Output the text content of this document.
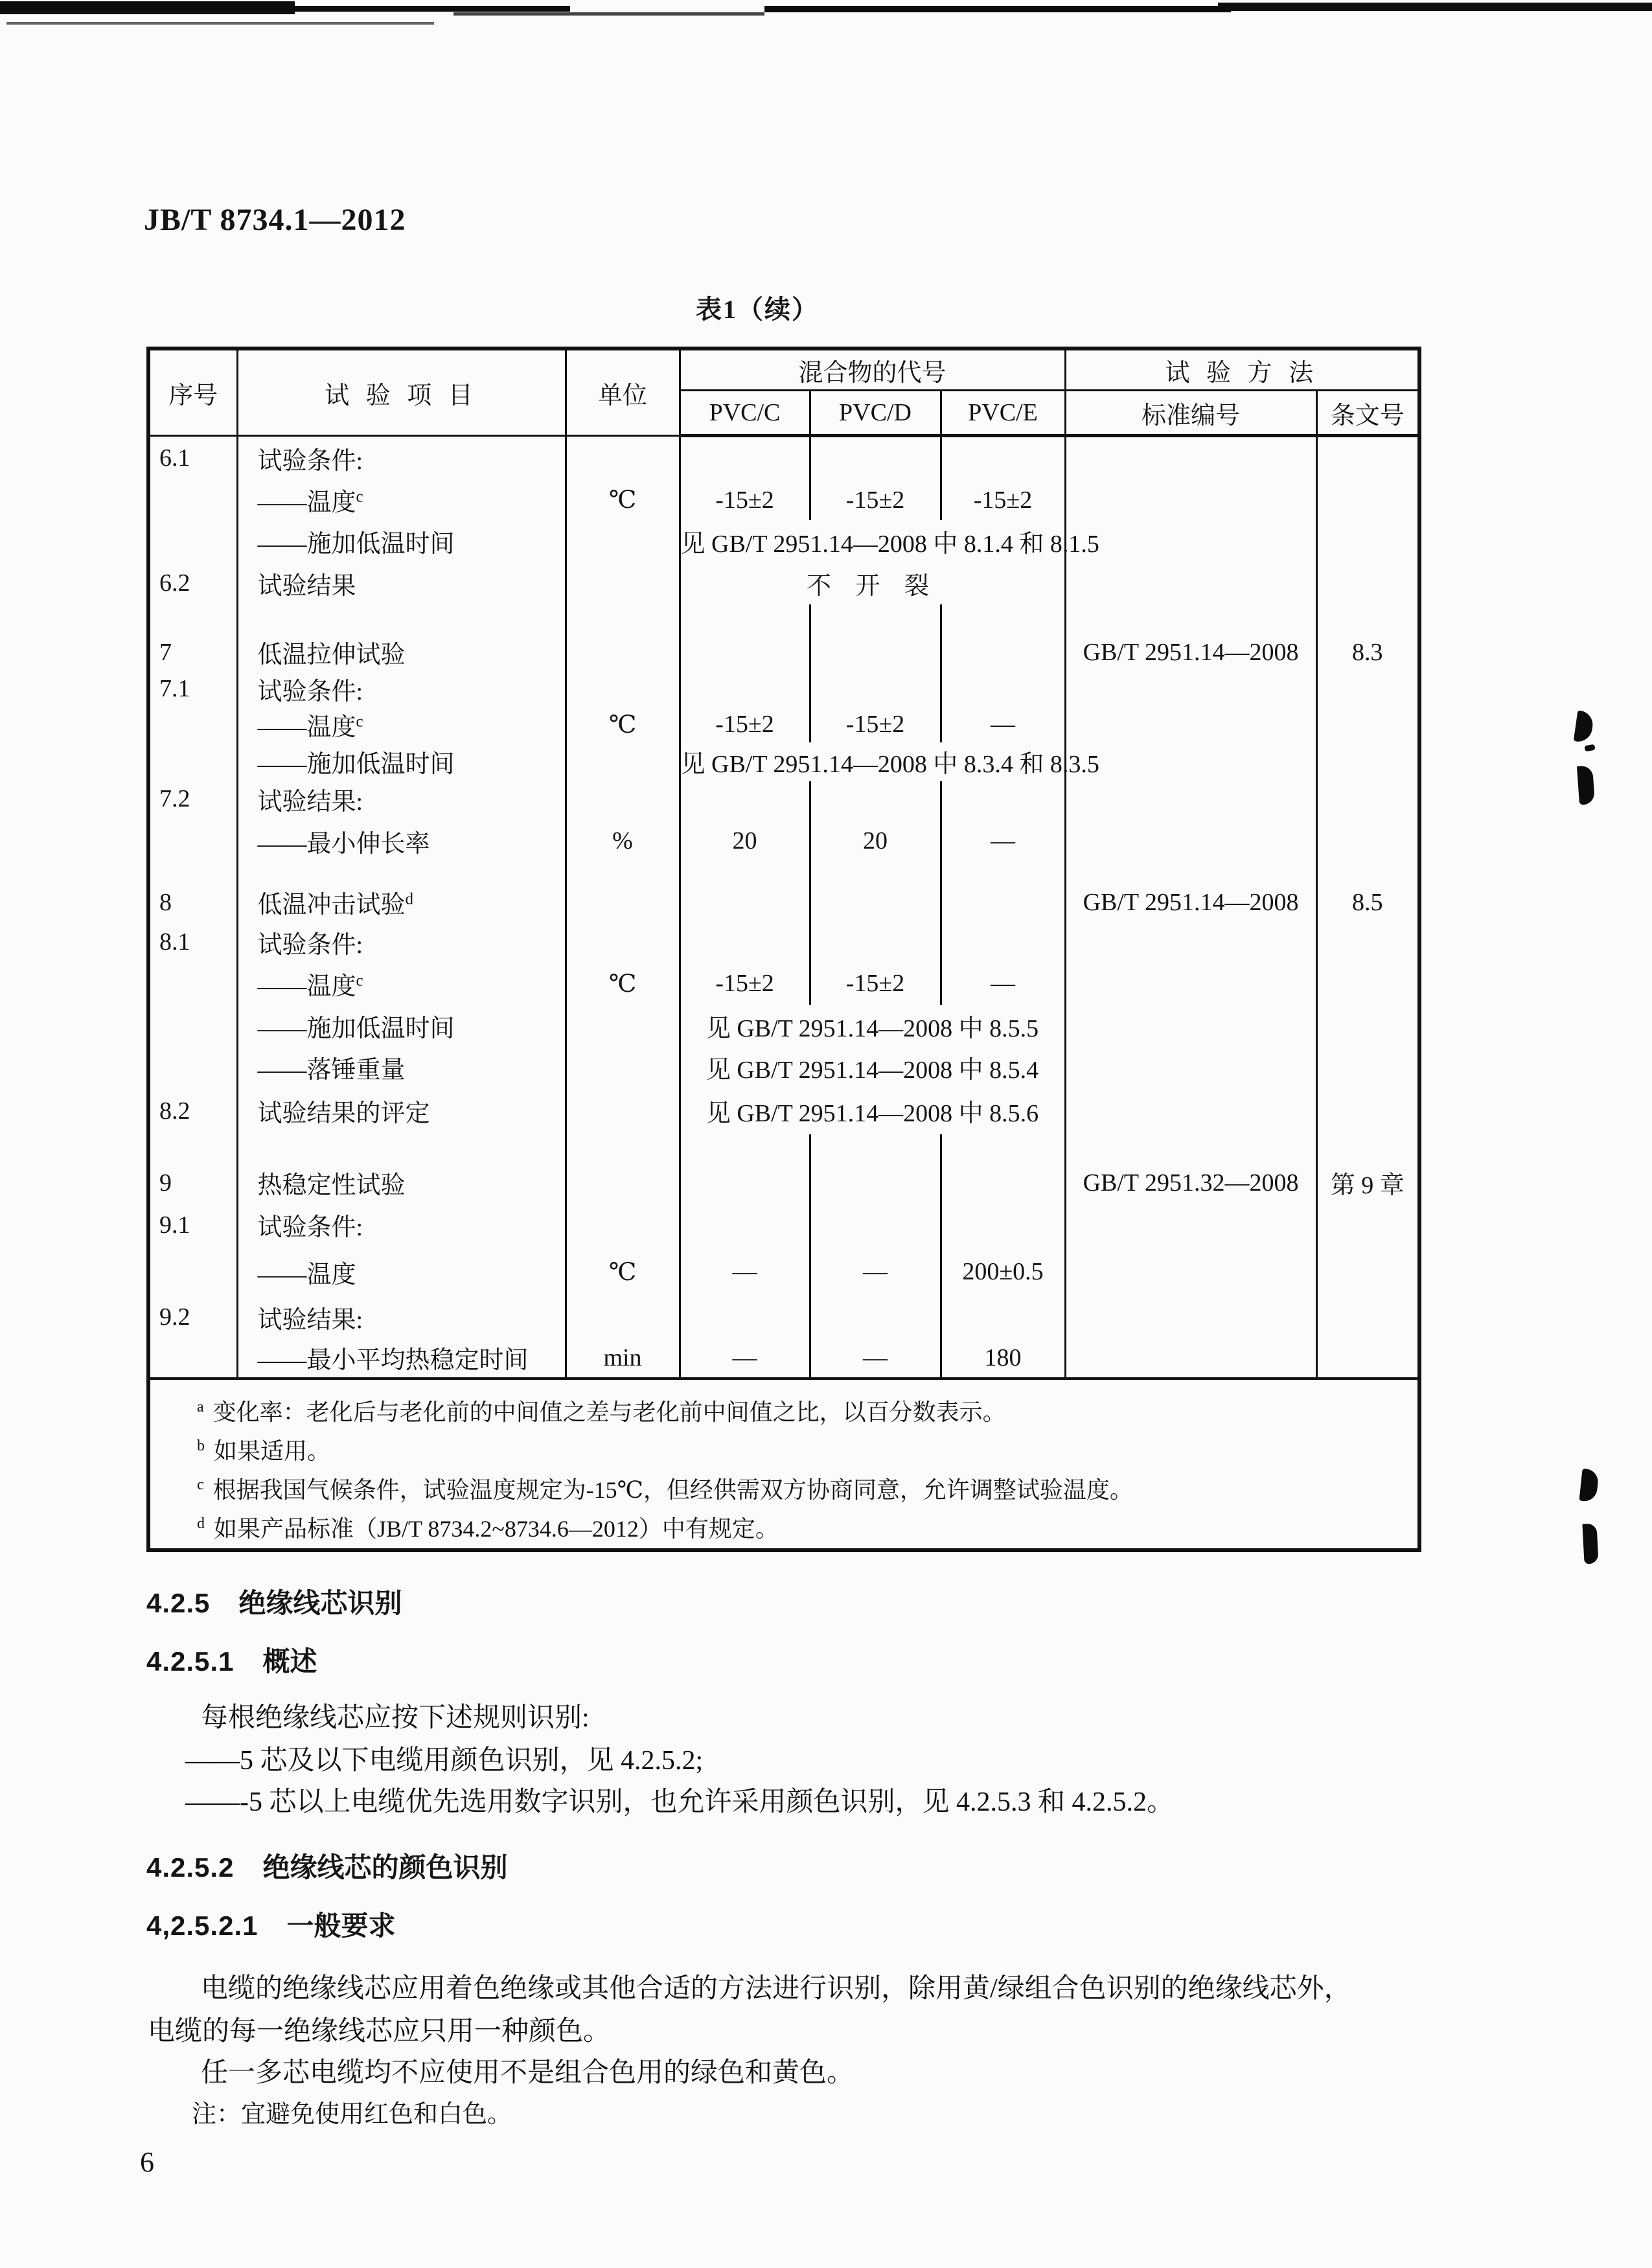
JB/T 8734.1—2012
表1（续）
序号	试 验 项 目	单位	混合物的代号			试 验 方 法	
			PVC/C	PVC/D	PVC/E	标准编号	条文号
6.1	试验条件:						
	——温度$^c$	℃	-15±2	-15±2	-15±2		
	——施加低温时间		见 GB/T 2951.14—2008 中 8.1.4 和 8.1.5				
6.2	试验结果		不 开 裂				

7	低温拉伸试验					GB/T 2951.14—2008	8.3
7.1	试验条件:						
	——温度$^c$	℃	-15±2	-15±2	—		
	——施加低温时间		见 GB/T 2951.14—2008 中 8.3.4 和 8.3.5				
7.2	试验结果:						
	——最小伸长率	%	20	20	—		

8	低温冲击试验$^d$					GB/T 2951.14—2008	8.5
8.1	试验条件:						
	——温度$^c$	℃	-15±2	-15±2	—		
	——施加低温时间		见 GB/T 2951.14—2008 中 8.5.5				
	——落锤重量		见 GB/T 2951.14—2008 中 8.5.4				
8.2	试验结果的评定		见 GB/T 2951.14—2008 中 8.5.6				

9	热稳定性试验					GB/T 2951.32—2008	第 9 章
9.1	试验条件:						
	——温度	℃	—	—	200±0.5		
9.2	试验结果:						
	——最小平均热稳定时间	min	—	—	180		

$^a$ 变化率：老化后与老化前的中间值之差与老化前中间值之比，以百分数表示。
$^b$ 如果适用。
$^c$ 根据我国气候条件，试验温度规定为-15℃，但经供需双方协商同意，允许调整试验温度。
$^d$ 如果产品标准（JB/T 8734.2~8734.6—2012）中有规定。							
4.2.5 绝缘线芯识别
4.2.5.1 概述
每根绝缘线芯应按下述规则识别:
——5 芯及以下电缆用颜色识别，见 4.2.5.2;
——-5 芯以上电缆优先选用数字识别，也允许采用颜色识别，见 4.2.5.3 和 4.2.5.2。
4.2.5.2 绝缘线芯的颜色识别
4,2.5.2.1 一般要求
电缆的绝缘线芯应用着色绝缘或其他合适的方法进行识别，除用黄/绿组合色识别的绝缘线芯外，
电缆的每一绝缘线芯应只用一种颜色。
任一多芯电缆均不应使用不是组合色用的绿色和黄色。
注：宜避免使用红色和白色。
6
